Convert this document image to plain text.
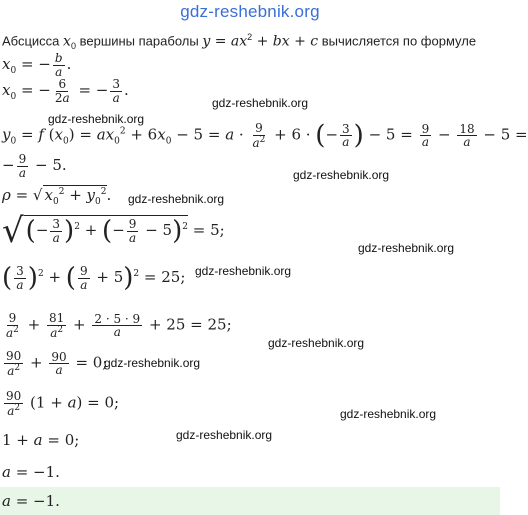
gdz-reshebnik.org
Абсцисса $x_0$ вершины параболы $y = ax^2$ + bx + c вычисляется по формуле
$x_0$ = − $\frac{b}{a}$ .
$x_0$ = − $\frac{6}{2a}$ = − $\frac{3}{a}$ .
$y_0 = f$ $(x_0) = ax_0^2 + 6x_0 - 5 = a \cdot \frac{9}{a^2} + 6$ · (− $\frac{3}{a}$ ) − $5 = \frac{9}{a} - \frac{18}{a} - 5$ =
− $\frac{9}{a} - 5$.
ρ = √ $x_0^2 + y_0^2$.
√(− $\frac{3}{a} )^2$ + (− $\frac{9}{a} - 5)^2 = 5$;
( $\frac{3}{a} )^2$ + ( $\frac{9}{a} + 5)^2 = 25$;
$\frac{9}{a^2} + \frac{81}{a^2} + \frac{2 \cdot 5 \cdot 9}{a} + 25 = 25$;
$\frac{90}{a^2} + \frac{90}{a} = 0$;
$\frac{90}{a^2} (1 + a) = 0$;
1 + a = 0;
a = −1.
a = −1.
gdz-reshebnik.org
gdz-reshebnik.org
gdz-reshebnik.org
gdz-reshebnik.org
gdz-reshebnik.org
gdz-reshebnik.org
gdz-reshebnik.org
gdz-reshebnik.org
gdz-reshebnik.org
gdz-reshebnik.org
